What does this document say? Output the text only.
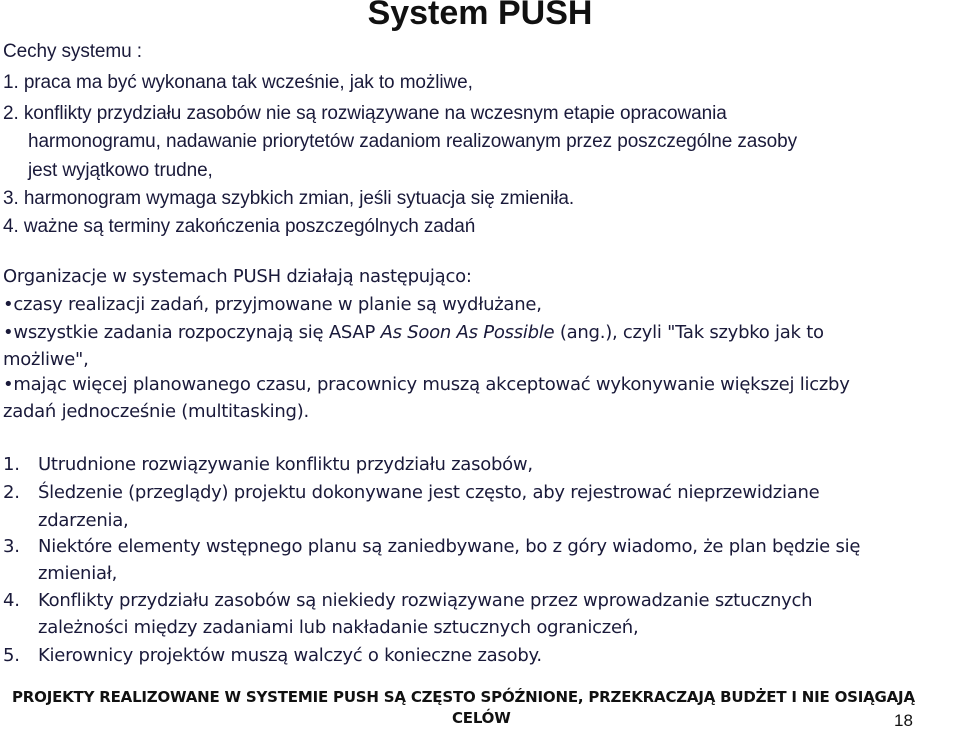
System PUSH
Cechy systemu :
1. praca ma być wykonana tak wcześnie, jak to możliwe,
2. konflikty przydziału zasobów nie są rozwiązywane na wczesnym etapie opracowania
harmonogramu, nadawanie priorytetów zadaniom realizowanym przez poszczególne zasoby
jest wyjątkowo trudne,
3. harmonogram wymaga szybkich zmian, jeśli sytuacja się zmieniła.
4. ważne są terminy zakończenia poszczególnych zadań
Organizacje w systemach PUSH działają następująco:
•czasy realizacji zadań, przyjmowane w planie są wydłużane,
•wszystkie zadania rozpoczynają się ASAP As Soon As Possible (ang.), czyli "Tak szybko jak to
możliwe",
•mając więcej planowanego czasu, pracownicy muszą akceptować wykonywanie większej liczby
zadań jednocześnie (multitasking).
1. Utrudnione rozwiązywanie konfliktu przydziału zasobów,
2. Śledzenie (przeglądy) projektu dokonywane jest często, aby rejestrować nieprzewidziane
zdarzenia,
3. Niektóre elementy wstępnego planu są zaniedbywane, bo z góry wiadomo, że plan będzie się
zmieniał,
4. Konflikty przydziału zasobów są niekiedy rozwiązywane przez wprowadzanie sztucznych
zależności między zadaniami lub nakładanie sztucznych ograniczeń,
5. Kierownicy projektów muszą walczyć o konieczne zasoby.
PROJEKTY REALIZOWANE W SYSTEMIE PUSH SĄ CZĘSTO SPÓŹNIONE, PRZEKRACZAJĄ BUDŻET I NIE OSIĄGAJĄ
CELÓW	18
